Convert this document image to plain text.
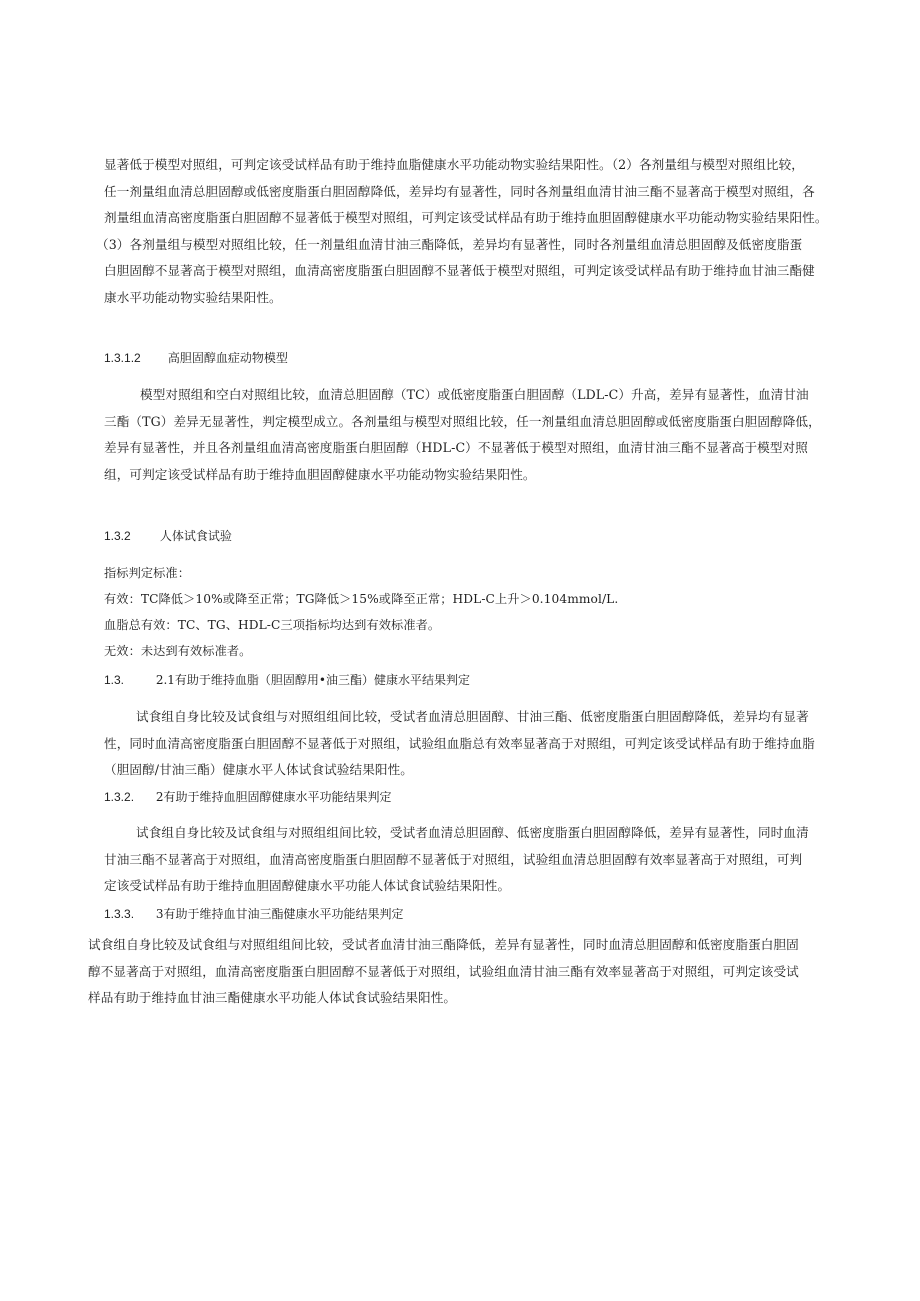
显著低于模型对照组，可判定该受试样品有助于维持血脂健康水平功能动物实验结果阳性。（2）各剂量组与模型对照组比较，
任一剂量组血清总胆固醇或低密度脂蛋白胆固醇降低，差异均有显著性，同时各剂量组血清甘油三酯不显著高于模型对照组，各
剂量组血清高密度脂蛋白胆固醇不显著低于模型对照组，可判定该受试样品有助于维持血胆固醇健康水平功能动物实验结果阳性。
（3）各剂量组与模型对照组比较，任一剂量组血清甘油三酯降低，差异均有显著性，同时各剂量组血清总胆固醇及低密度脂蛋
白胆固醇不显著高于模型对照组，血清高密度脂蛋白胆固醇不显著低于模型对照组，可判定该受试样品有助于维持血甘油三酯健
康水平功能动物实验结果阳性。

1.3.1.2 高胆固醇血症动物模型

模型对照组和空白对照组比较，血清总胆固醇（TC）或低密度脂蛋白胆固醇（LDL-C）升高，差异有显著性，血清甘油
三酯（TG）差异无显著性，判定模型成立。各剂量组与模型对照组比较，任一剂量组血清总胆固醇或低密度脂蛋白胆固醇降低，
差异有显著性，并且各剂量组血清高密度脂蛋白胆固醇（HDL-C）不显著低于模型对照组，血清甘油三酯不显著高于模型对照
组，可判定该受试样品有助于维持血胆固醇健康水平功能动物实验结果阳性。

1.3.2 人体试食试验

指标判定标准：
有效：TC降低＞10%或降至正常；TG降低＞15%或降至正常；HDL-C上升＞0.104mmol/L.
血脂总有效：TC、TG、HDL-C三项指标均达到有效标准者。
无效：未达到有效标准者。

1.3.	2.1有助于维持血脂（胆固醇用•油三酯）健康水平结果判定

试食组自身比较及试食组与对照组组间比较，受试者血清总胆固醇、甘油三酯、低密度脂蛋白胆固醇降低，差异均有显著
性，同时血清高密度脂蛋白胆固醇不显著低于对照组，试验组血脂总有效率显著高于对照组，可判定该受试样品有助于维持血脂
（胆固醇/甘油三酯）健康水平人体试食试验结果阳性。

1.3.2. 2有助于维持血胆固醇健康水平功能结果判定

试食组自身比较及试食组与对照组组间比较，受试者血清总胆固醇、低密度脂蛋白胆固醇降低，差异有显著性，同时血清
甘油三酯不显著高于对照组，血清高密度脂蛋白胆固醇不显著低于对照组，试验组血清总胆固醇有效率显著高于对照组，可判
定该受试样品有助于维持血胆固醇健康水平功能人体试食试验结果阳性。

1.3.3. 3有助于维持血甘油三酯健康水平功能结果判定

试食组自身比较及试食组与对照组组间比较，受试者血清甘油三酯降低，差异有显著性，同时血清总胆固醇和低密度脂蛋白胆固
醇不显著高于对照组，血清高密度脂蛋白胆固醇不显著低于对照组，试验组血清甘油三酯有效率显著高于对照组，可判定该受试
样品有助于维持血甘油三酯健康水平功能人体试食试验结果阳性。
